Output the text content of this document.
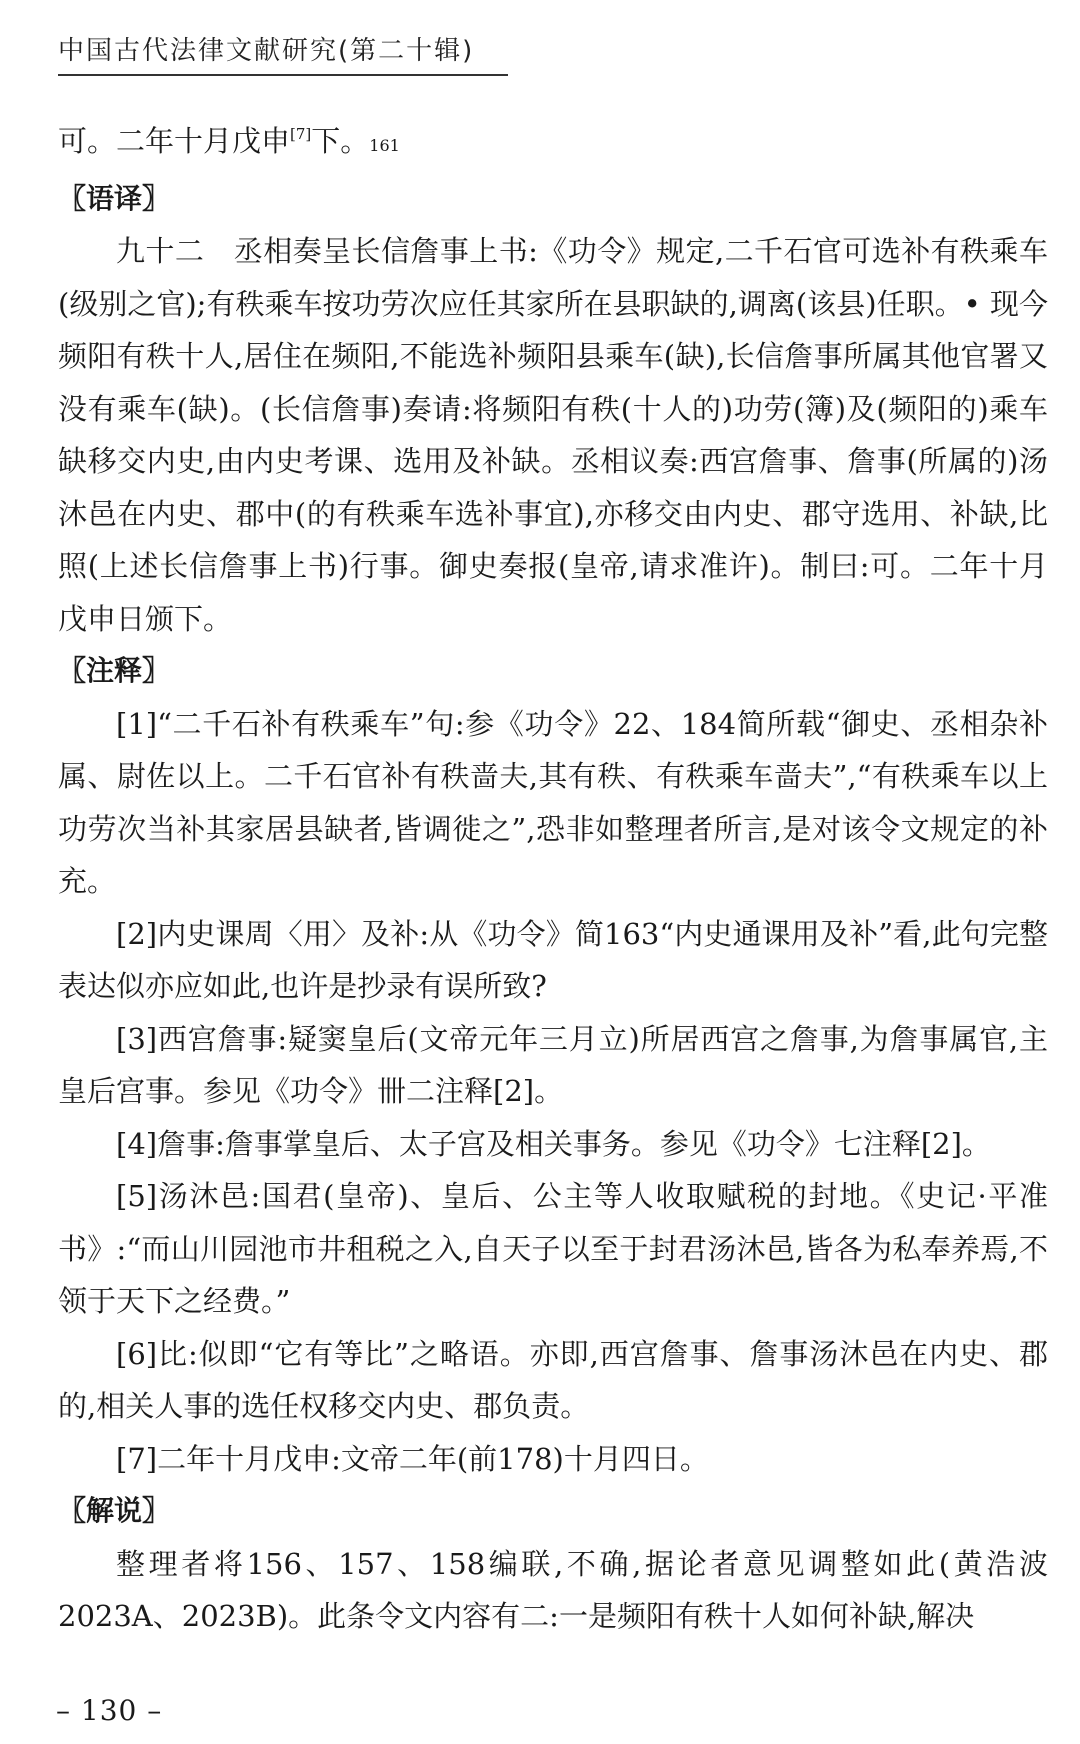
中国古代法律文献研究(第二十辑)

可。二年十月戊申[7]下。161

〖语译〗

九十二　丞相奏呈长信詹事上书:《功令》规定,二千石官可选补有秩乘车(级别之官);有秩乘车按功劳次应任其家所在县职缺的,调离(该县)任职。• 现今频阳有秩十人,居住在频阳,不能选补频阳县乘车(缺),长信詹事所属其他官署又没有乘车(缺)。(长信詹事)奏请:将频阳有秩(十人的)功劳(簿)及(频阳的)乘车缺移交内史,由内史考课、选用及补缺。丞相议奏:西宫詹事、詹事(所属的)汤沐邑在内史、郡中(的有秩乘车选补事宜),亦移交由内史、郡守选用、补缺,比照(上述长信詹事上书)行事。御史奏报(皇帝,请求准许)。制曰:可。二年十月戊申日颁下。

〖注释〗

[1]“二千石补有秩乘车”句:参《功令》22、184简所载“御史、丞相杂补属、尉佐以上。二千石官补有秩啬夫,其有秩、有秩乘车啬夫”,“有秩乘车以上功劳次当补其家居县缺者,皆调徙之”,恐非如整理者所言,是对该令文规定的补充。

[2]内史课周〈用〉及补:从《功令》简163“内史通课用及补”看,此句完整表达似亦应如此,也许是抄录有误所致?

[3]西宫詹事:疑窦皇后(文帝元年三月立)所居西宫之詹事,为詹事属官,主皇后宫事。参见《功令》卌二注释[2]。

[4]詹事:詹事掌皇后、太子宫及相关事务。参见《功令》七注释[2]。

[5]汤沐邑:国君(皇帝)、皇后、公主等人收取赋税的封地。《史记·平准书》:“而山川园池市井租税之入,自天子以至于封君汤沐邑,皆各为私奉养焉,不领于天下之经费。”

[6]比:似即“它有等比”之略语。亦即,西宫詹事、詹事汤沐邑在内史、郡的,相关人事的选任权移交内史、郡负责。

[7]二年十月戊申:文帝二年(前178)十月四日。

〖解说〗

整理者将156、157、158编联,不确,据论者意见调整如此(黄浩波2023A、2023B)。此条令文内容有二:一是频阳有秩十人如何补缺,解决

– 130 –
